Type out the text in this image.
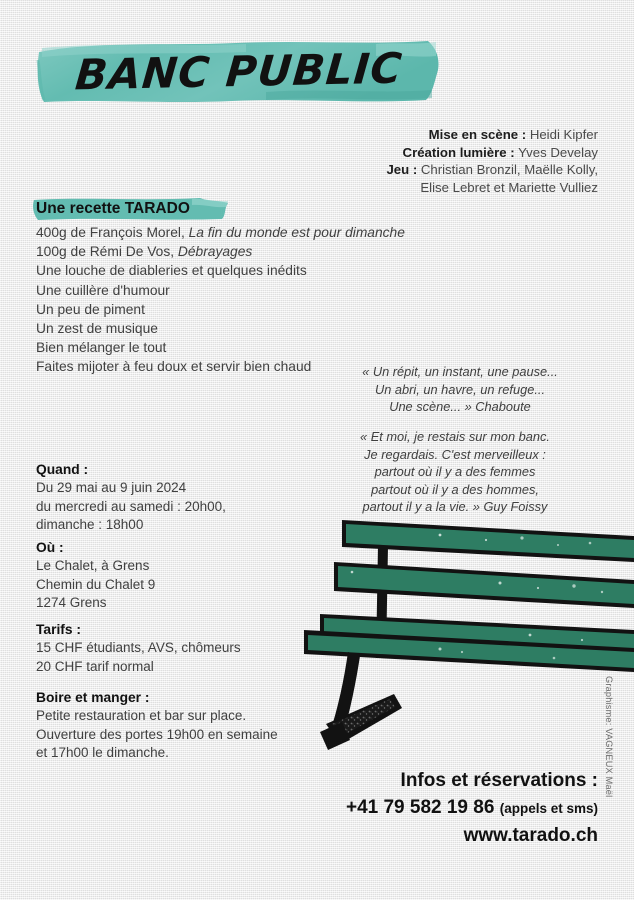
BANC PUBLIC
Mise en scène : Heidi Kipfer
Création lumière : Yves Develay
Jeu : Christian Bronzil, Maëlle Kolly,
Elise Lebret et Mariette Vulliez
Une recette TARADO
400g de François Morel, La fin du monde est pour dimanche
100g de Rémi De Vos, Débrayages
Une louche de diableries et quelques inédits
Une cuillère d'humour
Un peu de piment
Un zest de musique
Bien mélanger le tout
Faites mijoter à feu doux et servir bien chaud	« Un répit, un instant, une pause...
Un abri, un havre, un refuge...
Une scène... » Chaboute
« Et moi, je restais sur mon banc.
Je regardais. C'est merveilleux :
partout où il y a des femmes
partout où il y a des hommes,
partout il y a la vie. » Guy Foissy
Quand :
Du 29 mai au 9 juin 2024
du mercredi au samedi : 20h00,
dimanche : 18h00
Où :
Le Chalet, à Grens
Chemin du Chalet 9
1274 Grens
Tarifs :
15 CHF étudiants, AVS, chômeurs
20 CHF tarif normal
Boire et manger :
Petite restauration et bar sur place.
Ouverture des portes 19h00 en semaine
et 17h00 le dimanche.
Infos et réservations :
+41 79 582 19 86 (appels et sms)
www.tarado.ch
Graphisme: VAGNEUX Maël
